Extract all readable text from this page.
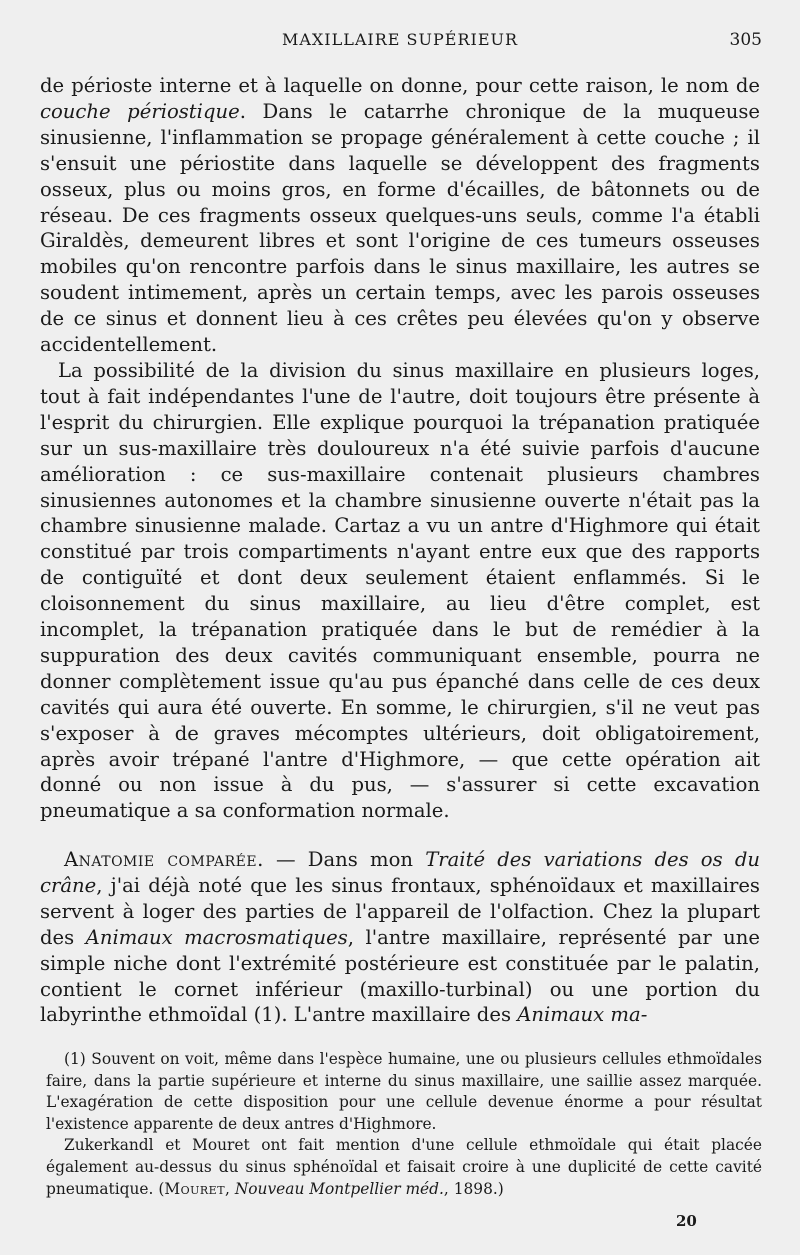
MAXILLAIRE SUPÉRIEUR	305

de périoste interne et à laquelle on donne, pour cette raison, le nom de couche périostique. Dans le catarrhe chronique de la muqueuse sinusienne, l'inflammation se propage généralement à cette couche ; il s'ensuit une périostite dans laquelle se développent des fragments osseux, plus ou moins gros, en forme d'écailles, de bâtonnets ou de réseau. De ces fragments osseux quelques-uns seuls, comme l'a établi Giraldès, demeurent libres et sont l'origine de ces tumeurs osseuses mobiles qu'on rencontre parfois dans le sinus maxillaire, les autres se soudent intimement, après un certain temps, avec les parois osseuses de ce sinus et donnent lieu à ces crêtes peu élevées qu'on y observe accidentellement.

La possibilité de la division du sinus maxillaire en plusieurs loges, tout à fait indépendantes l'une de l'autre, doit toujours être présente à l'esprit du chirurgien. Elle explique pourquoi la trépanation pratiquée sur un sus-maxillaire très douloureux n'a été suivie parfois d'aucune amélioration : ce sus-maxillaire contenait plusieurs chambres sinusiennes autonomes et la chambre sinusienne ouverte n'était pas la chambre sinusienne malade. Cartaz a vu un antre d'Highmore qui était constitué par trois compartiments n'ayant entre eux que des rapports de contiguïté et dont deux seulement étaient enflammés. Si le cloisonnement du sinus maxillaire, au lieu d'être complet, est incomplet, la trépanation pratiquée dans le but de remédier à la suppuration des deux cavités communiquant ensemble, pourra ne donner complètement issue qu'au pus épanché dans celle de ces deux cavités qui aura été ouverte. En somme, le chirurgien, s'il ne veut pas s'exposer à de graves mécomptes ultérieurs, doit obligatoirement, après avoir trépané l'antre d'Highmore, — que cette opération ait donné ou non issue à du pus, — s'assurer si cette excavation pneumatique a sa conformation normale.

Anatomie comparée. — Dans mon Traité des variations des os du crâne, j'ai déjà noté que les sinus frontaux, sphénoïdaux et maxillaires servent à loger des parties de l'appareil de l'olfaction. Chez la plupart des Animaux macrosmatiques, l'antre maxillaire, représenté par une simple niche dont l'extrémité postérieure est constituée par le palatin, contient le cornet inférieur (maxillo-turbinal) ou une portion du labyrinthe ethmoïdal (1). L'antre maxillaire des Animaux ma-

(1) Souvent on voit, même dans l'espèce humaine, une ou plusieurs cellules ethmoïdales faire, dans la partie supérieure et interne du sinus maxillaire, une saillie assez marquée. L'exagération de cette disposition pour une cellule devenue énorme a pour résultat l'existence apparente de deux antres d'Highmore.

Zukerkandl et Mouret ont fait mention d'une cellule ethmoïdale qui était placée également au-dessus du sinus sphénoïdal et faisait croire à une duplicité de cette cavité pneumatique. (Mouret, Nouveau Montpellier méd., 1898.)

20
